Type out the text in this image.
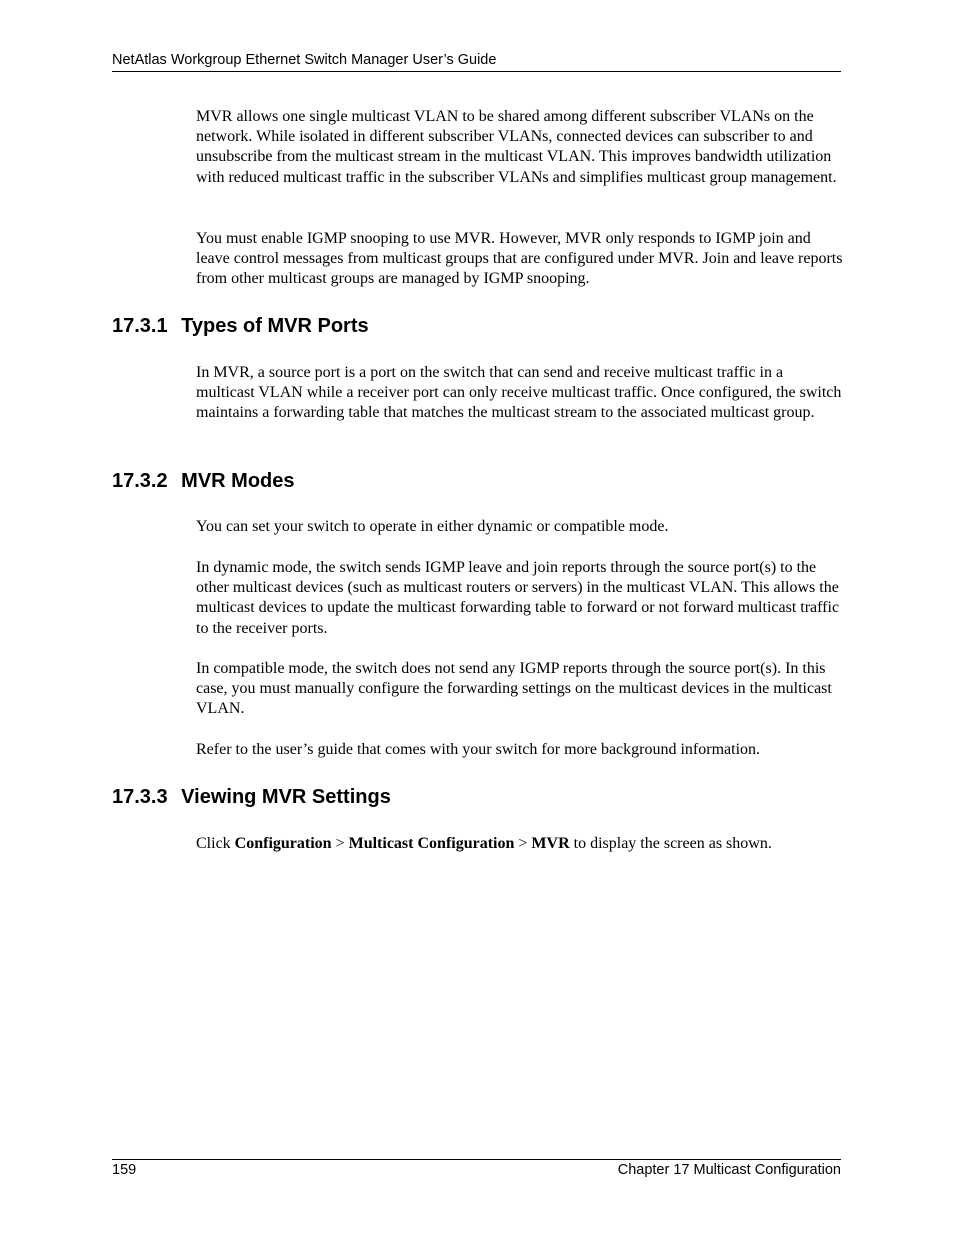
NetAtlas Workgroup Ethernet Switch Manager User’s Guide

MVR allows one single multicast VLAN to be shared among different subscriber VLANs on the network. While isolated in different subscriber VLANs, connected devices can subscriber to and unsubscribe from the multicast stream in the multicast VLAN. This improves bandwidth utilization with reduced multicast traffic in the subscriber VLANs and simplifies multicast group management.

You must enable IGMP snooping to use MVR. However, MVR only responds to IGMP join and leave control messages from multicast groups that are configured under MVR. Join and leave reports from other multicast groups are managed by IGMP snooping.

17.3.1 Types of MVR Ports

In MVR, a source port is a port on the switch that can send and receive multicast traffic in a multicast VLAN while a receiver port can only receive multicast traffic. Once configured, the switch maintains a forwarding table that matches the multicast stream to the associated multicast group.

17.3.2 MVR Modes

You can set your switch to operate in either dynamic or compatible mode.

In dynamic mode, the switch sends IGMP leave and join reports through the source port(s) to the other multicast devices (such as multicast routers or servers) in the multicast VLAN. This allows the multicast devices to update the multicast forwarding table to forward or not forward multicast traffic to the receiver ports.

In compatible mode, the switch does not send any IGMP reports through the source port(s). In this case, you must manually configure the forwarding settings on the multicast devices in the multicast VLAN.

Refer to the user’s guide that comes with your switch for more background information.

17.3.3 Viewing MVR Settings

Click Configuration > Multicast Configuration > MVR to display the screen as shown.

159	Chapter 17 Multicast Configuration
